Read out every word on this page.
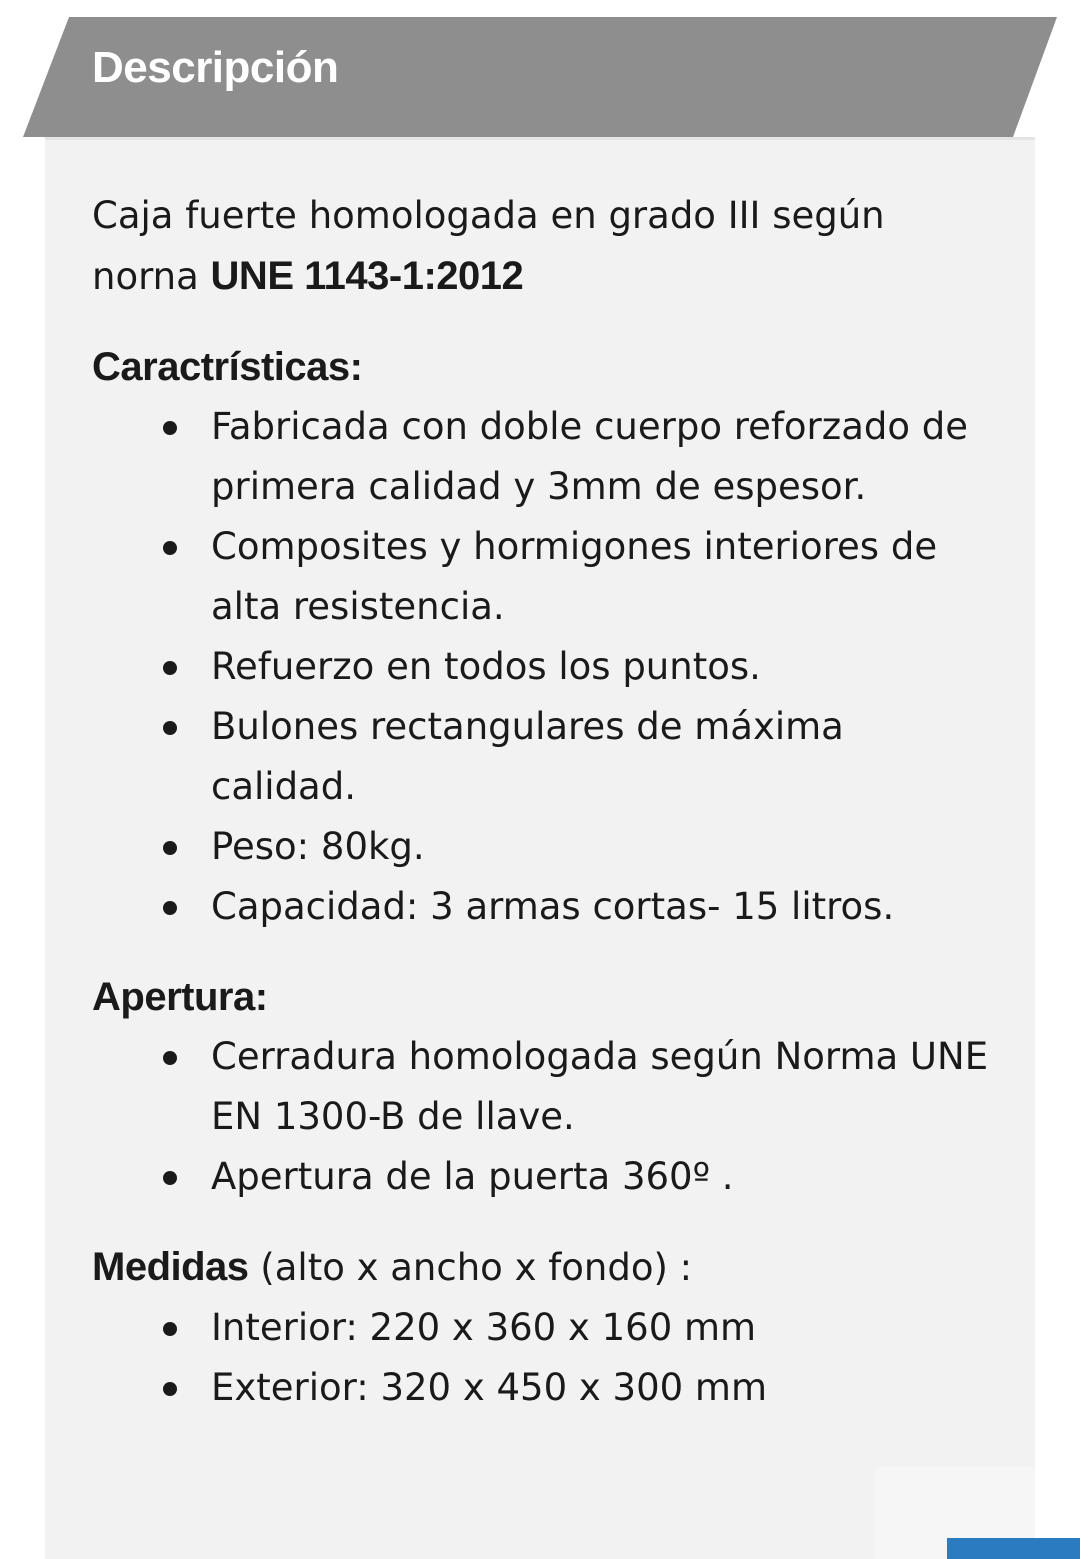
Descripción

Caja fuerte homologada en grado III según norna UNE 1143-1:2012

Caractrísticas:

Fabricada con doble cuerpo reforzado de primera calidad y 3mm de espesor.
Composites y hormigones interiores de alta resistencia.
Refuerzo en todos los puntos.
Bulones rectangulares de máxima calidad.
Peso: 80kg.
Capacidad: 3 armas cortas- 15 litros.

Apertura:

Cerradura homologada según Norma UNE EN 1300-B de llave.
Apertura de la puerta 360º .

Medidas (alto x ancho x fondo) :

Interior: 220 x 360 x 160 mm
Exterior: 320 x 450 x 300 mm
